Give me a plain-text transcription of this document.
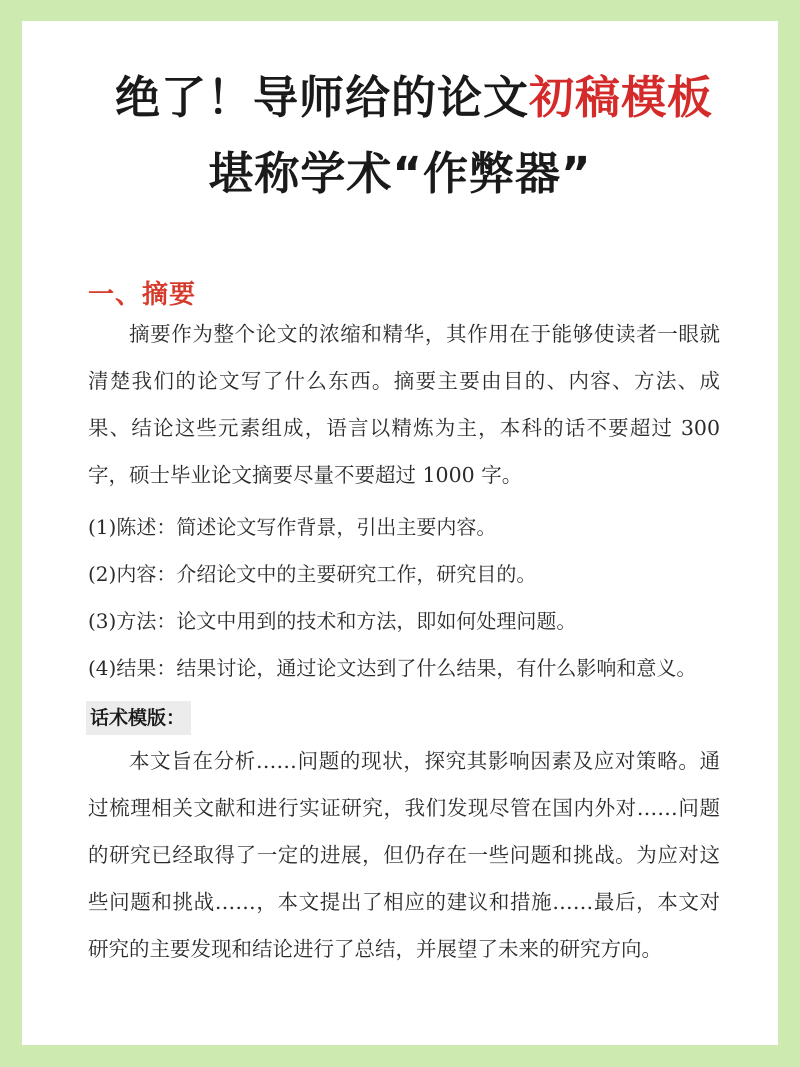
绝了！导师给的论文初稿模板
堪称学术“作弊器”
一、摘要
摘要作为整个论文的浓缩和精华，其作用在于能够使读者一眼就清楚我们的论文写了什么东西。摘要主要由目的、内容、方法、成果、结论这些元素组成，语言以精炼为主，本科的话不要超过 300 字，硕士毕业论文摘要尽量不要超过 1000 字。
(1)陈述：简述论文写作背景，引出主要内容。
(2)内容：介绍论文中的主要研究工作，研究目的。
(3)方法：论文中用到的技术和方法，即如何处理问题。
(4)结果：结果讨论，通过论文达到了什么结果，有什么影响和意义。
话术模版：
本文旨在分析……问题的现状，探究其影响因素及应对策略。通过梳理相关文献和进行实证研究，我们发现尽管在国内外对……问题的研究已经取得了一定的进展，但仍存在一些问题和挑战。为应对这些问题和挑战……，本文提出了相应的建议和措施……最后，本文对研究的主要发现和结论进行了总结，并展望了未来的研究方向。
